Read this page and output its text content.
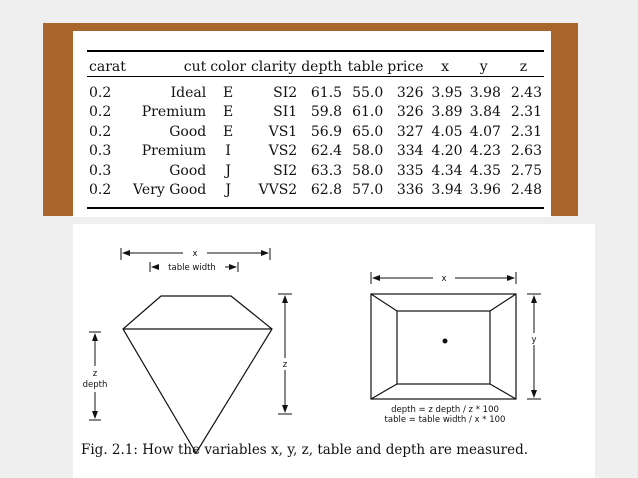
carat	cut	color	clarity	depth	table	price	x	y	z
0.2	Ideal	E	SI2	61.5	55.0	326	3.95	3.98	2.43
0.2	Premium	E	SI1	59.8	61.0	326	3.89	3.84	2.31
0.2	Good	E	VS1	56.9	65.0	327	4.05	4.07	2.31
0.3	Premium	I	VS2	62.4	58.0	334	4.20	4.23	2.63
0.3	Good	J	SI2	63.3	58.0	335	4.34	4.35	2.75
0.2	Very Good	J	VVS2	62.8	57.0	336	3.94	3.96	2.48
x
table width
z
z
depth
x
y
depth = z depth / z * 100
table = table width / x * 100
Fig. 2.1: How the variables x, y, z, table and depth are measured.
